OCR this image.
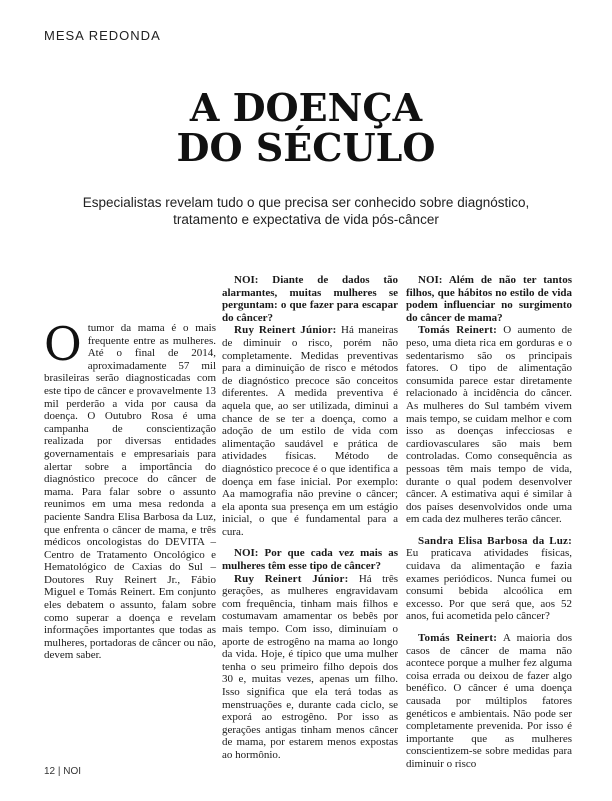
MESA REDONDA
A DOENÇA
DO SÉCULO

Especialistas revelam tudo o que precisa ser conhecido sobre diagnóstico, tratamento e expectativa de vida pós-câncer

O tumor da mama é o mais frequente entre as mulheres. Até o final de 2014, aproximadamente 57 mil brasileiras serão diagnosticadas com este tipo de câncer e provavelmente 13 mil perderão a vida por causa da doença. O Outubro Rosa é uma campanha de conscientização realizada por diversas entidades governamentais e empresariais para alertar sobre a importância do diagnóstico precoce do câncer de mama. Para falar sobre o assunto reunimos em uma mesa redonda a paciente Sandra Elisa Barbosa da Luz, que enfrenta o câncer de mama, e três médicos oncologistas do DEVITA – Centro de Tratamento Oncológico e Hematológico de Caxias do Sul – Doutores Ruy Reinert Jr., Fábio Miguel e Tomás Reinert. Em conjunto eles debatem o assunto, falam sobre como superar a doença e revelam informações importantes que todas as mulheres, portadoras de câncer ou não, devem saber.

NOI: Diante de dados tão alarmantes, muitas mulheres se perguntam: o que fazer para escapar do câncer?

Ruy Reinert Júnior: Há maneiras de diminuir o risco, porém não completamente. Medidas preventivas para a diminuição de risco e métodos de diagnóstico precoce são conceitos diferentes. A medida preventiva é aquela que, ao ser utilizada, diminui a chance de se ter a doença, como a adoção de um estilo de vida com alimentação saudável e prática de atividades físicas. Método de diagnóstico precoce é o que identifica a doença em fase inicial. Por exemplo: Aa mamografia não previne o câncer; ela aponta sua presença em um estágio inicial, o que é fundamental para a cura.

NOI: Por que cada vez mais as mulheres têm esse tipo de câncer?

Ruy Reinert Júnior: Há três gerações, as mulheres engravidavam com frequência, tinham mais filhos e costumavam amamentar os bebês por mais tempo. Com isso, diminuíam o aporte de estrogêno na mama ao longo da vida. Hoje, é típico que uma mulher tenha o seu primeiro filho depois dos 30 e, muitas vezes, apenas um filho. Isso significa que ela terá todas as menstruações e, durante cada ciclo, se exporá ao estrogêno. Por isso as gerações antigas tinham menos câncer de mama, por estarem menos expostas ao hormônio.

NOI: Além de não ter tantos filhos, que hábitos no estilo de vida podem influenciar no surgimento do câncer de mama?

Tomás Reinert: O aumento de peso, uma dieta rica em gorduras e o sedentarismo são os principais fatores. O tipo de alimentação consumida parece estar diretamente relacionado à incidência do câncer. As mulheres do Sul também vivem mais tempo, se cuidam melhor e com isso as doenças infecciosas e cardiovasculares são mais bem controladas. Como consequência as pessoas têm mais tempo de vida, durante o qual podem desenvolver câncer. A estimativa aqui é similar à dos países desenvolvidos onde uma em cada dez mulheres terão câncer.

Sandra Elisa Barbosa da Luz: Eu praticava atividades físicas, cuidava da alimentação e fazia exames periódicos. Nunca fumei ou consumi bebida alcoólica em excesso. Por que será que, aos 52 anos, fui acometida pelo câncer?

Tomás Reinert: A maioria dos casos de câncer de mama não acontece porque a mulher fez alguma coisa errada ou deixou de fazer algo benéfico. O câncer é uma doença causada por múltiplos fatores genéticos e ambientais. Não pode ser completamente prevenida. Por isso é importante que as mulheres conscientizem-se sobre medidas para diminuir o risco

12 | NOI
